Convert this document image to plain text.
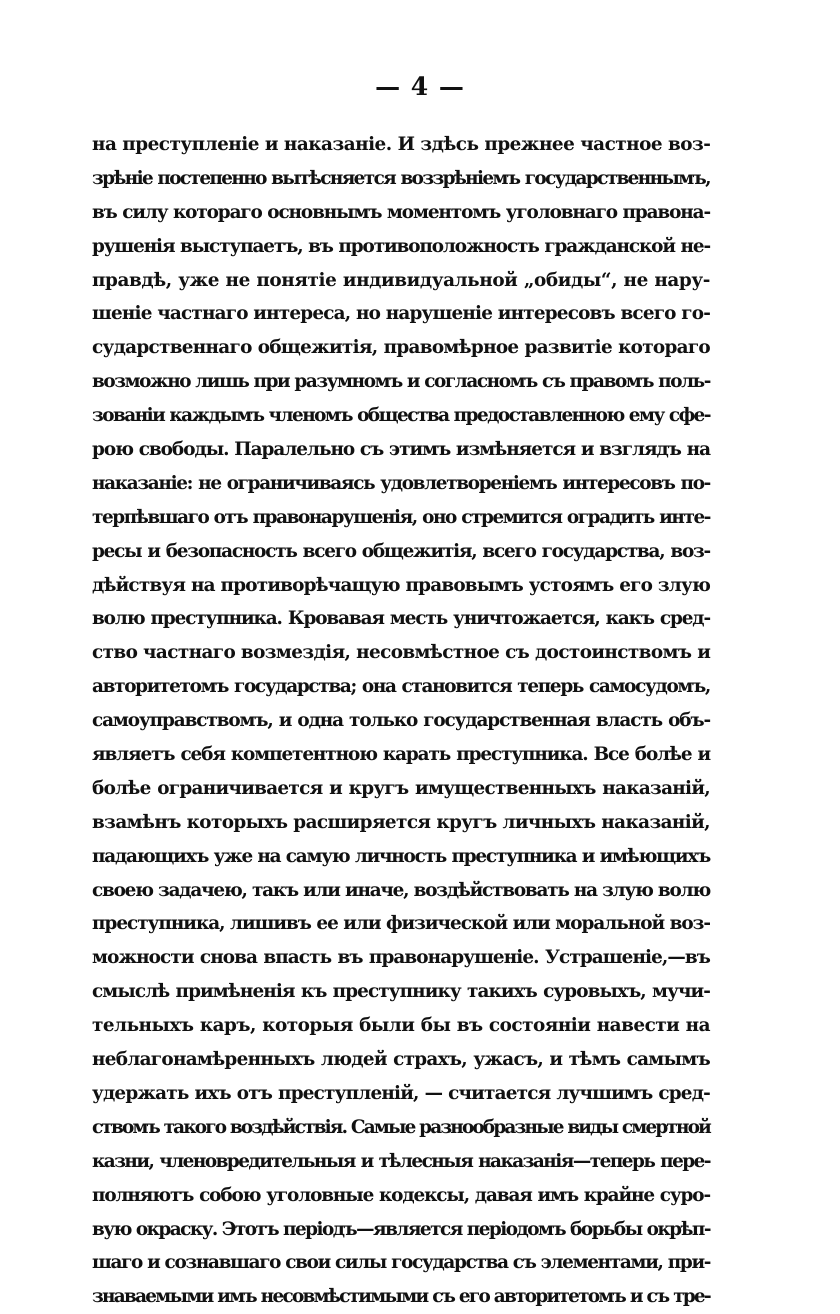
— 4 —
на преступленіе и наказаніе. И здѣсь прежнее частное воз-
зрѣніе постепенно вытѣсняется воззрѣніемъ государственнымъ,
въ силу котораго основнымъ моментомъ уголовнаго правона-
рушенія выступаетъ, въ противоположность гражданской не-
правдѣ, уже не понятіе индивидуальной „обиды“, не нару-
шеніе частнаго интереса, но нарушеніе интересовъ всего го-
сударственнаго общежитія, правомѣрное развитіе котораго
возможно лишь при разумномъ и согласномъ съ правомъ поль-
зованіи каждымъ членомъ общества предоставленною ему сфе-
рою свободы. Паралельно съ этимъ измѣняется и взглядъ на
наказаніе: не ограничиваясь удовлетвореніемъ интересовъ по-
терпѣвшаго отъ правонарушенія, оно стремится оградить инте-
ресы и безопасность всего общежитія, всего государства, воз-
дѣйствуя на противорѣчащую правовымъ устоямъ его злую
волю преступника. Кровавая месть уничтожается, какъ сред-
ство частнаго возмездія, несовмѣстное съ достоинствомъ и
авторитетомъ государства; она становится теперь самосудомъ,
самоуправствомъ, и одна только государственная власть объ-
являетъ себя компетентною карать преступника. Все болѣе и
болѣе ограничивается и кругъ имущественныхъ наказаній,
взамѣнъ которыхъ расширяется кругъ личныхъ наказаній,
падающихъ уже на самую личность преступника и имѣющихъ
своею задачею, такъ или иначе, воздѣйствовать на злую волю
преступника, лишивъ ее или физической или моральной воз-
можности снова впасть въ правонарушеніе. Устрашеніе,—въ
смыслѣ примѣненія къ преступнику такихъ суровыхъ, мучи-
тельныхъ каръ, которыя были бы въ состояніи навести на
неблагонамѣренныхъ людей страхъ, ужасъ, и тѣмъ самымъ
удержать ихъ отъ преступленій, — считается лучшимъ сред-
ствомъ такого воздѣйствія. Самые разнообразные виды смертной
казни, членовредительныя и тѣлесныя наказанія—теперь пере-
полняютъ собою уголовные кодексы, давая имъ крайне суро-
вую окраску. Этотъ періодъ—является періодомъ борьбы окрѣп-
шаго и сознавшаго свои силы государства съ элементами, при-
знаваемыми имъ несовмѣстимыми съ его авторитетомъ и съ тре-
